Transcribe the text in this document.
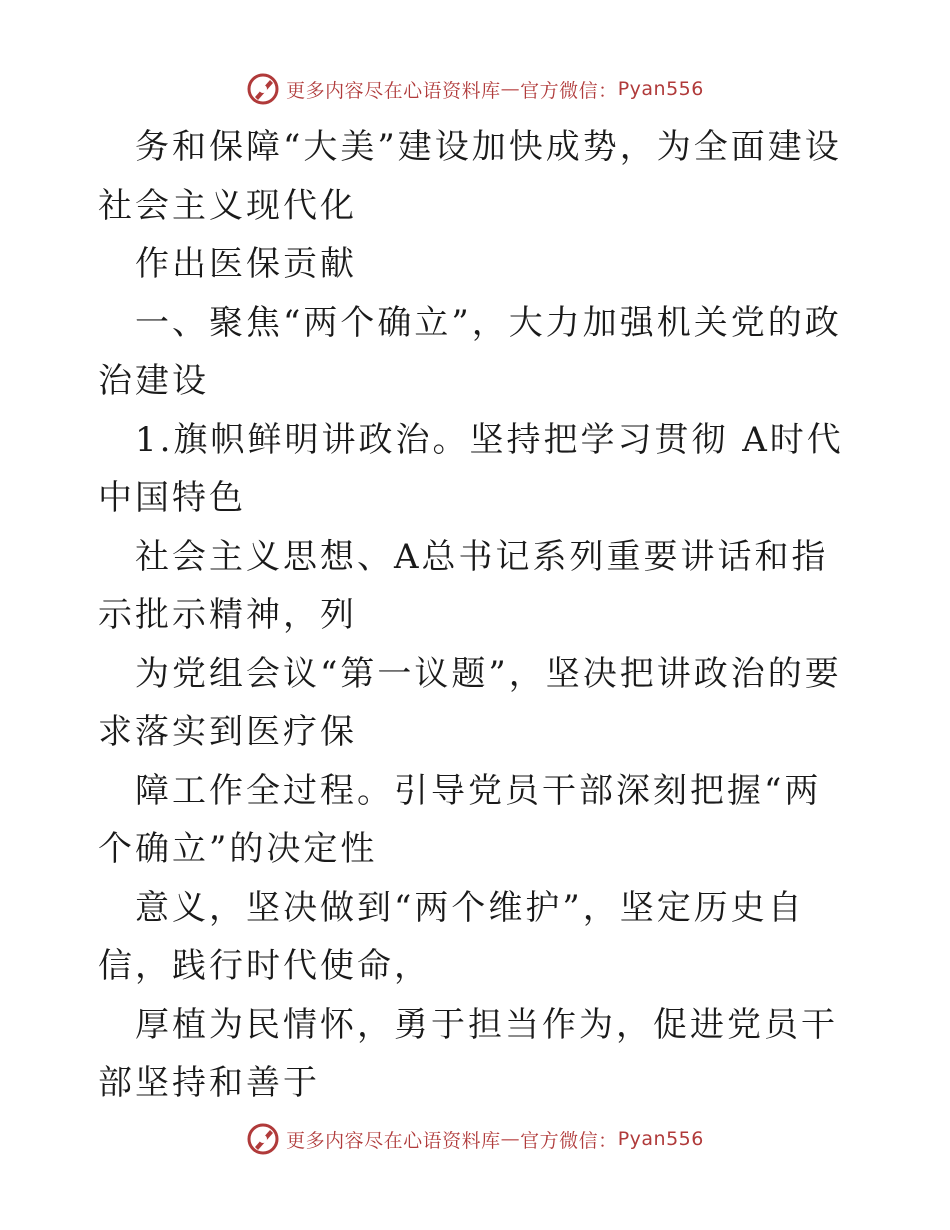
更多内容尽在心语资料库 — 官方微信： Pyan556

务和保障“大美”建设加快成势，为全面建设社会主义现代化

作出医保贡献

一、聚焦“两个确立”，大力加强机关党的政治建设

1.旗帜鲜明讲政治。坚持把学习贯彻 A时代中国特色

社会主义思想、A总书记系列重要讲话和指示批示精神，列

为党组会议“第一议题”，坚决把讲政治的要求落实到医疗保

障工作全过程。引导党员干部深刻把握“两个确立”的决定性

意义，坚决做到“两个维护”，坚定历史自信，践行时代使命，

厚植为民情怀，勇于担当作为，促进党员干部坚持和善于

更多内容尽在心语资料库 — 官方微信： Pyan556
